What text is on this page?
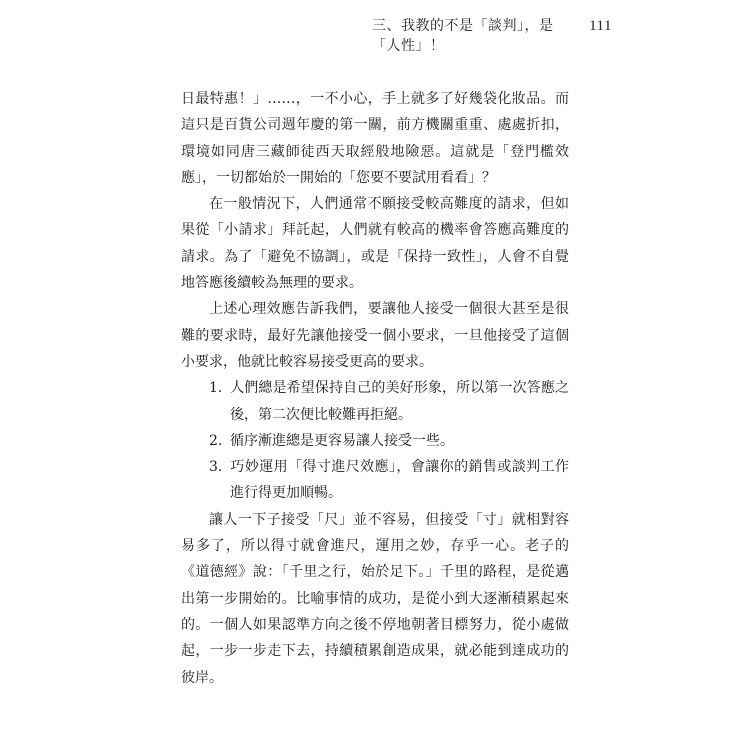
三、我教的不是「談判」，是「人性」！
111

日最特惠！」……，一不小心，手上就多了好幾袋化妝品。而這只是百貨公司週年慶的第一關，前方機關重重、處處折扣，環境如同唐三藏師徒西天取經般地險惡。這就是「登門檻效應」，一切都始於一開始的「您要不要試用看看」？

在一般情況下，人們通常不願接受較高難度的請求，但如果從「小請求」拜託起，人們就有較高的機率會答應高難度的請求。為了「避免不協調」，或是「保持一致性」，人會不自覺地答應後續較為無理的要求。

上述心理效應告訴我們，要讓他人接受一個很大甚至是很難的要求時，最好先讓他接受一個小要求，一旦他接受了這個小要求，他就比較容易接受更高的要求。

1. 人們總是希望保持自己的美好形象，所以第一次答應之後，第二次便比較難再拒絕。
2. 循序漸進總是更容易讓人接受一些。
3. 巧妙運用「得寸進尺效應」，會讓你的銷售或談判工作進行得更加順暢。

讓人一下子接受「尺」並不容易，但接受「寸」就相對容易多了，所以得寸就會進尺，運用之妙，存乎一心。老子的《道德經》說：「千里之行，始於足下。」千里的路程，是從邁出第一步開始的。比喻事情的成功，是從小到大逐漸積累起來的。一個人如果認準方向之後不停地朝著目標努力，從小處做起，一步一步走下去，持續積累創造成果，就必能到達成功的彼岸。
